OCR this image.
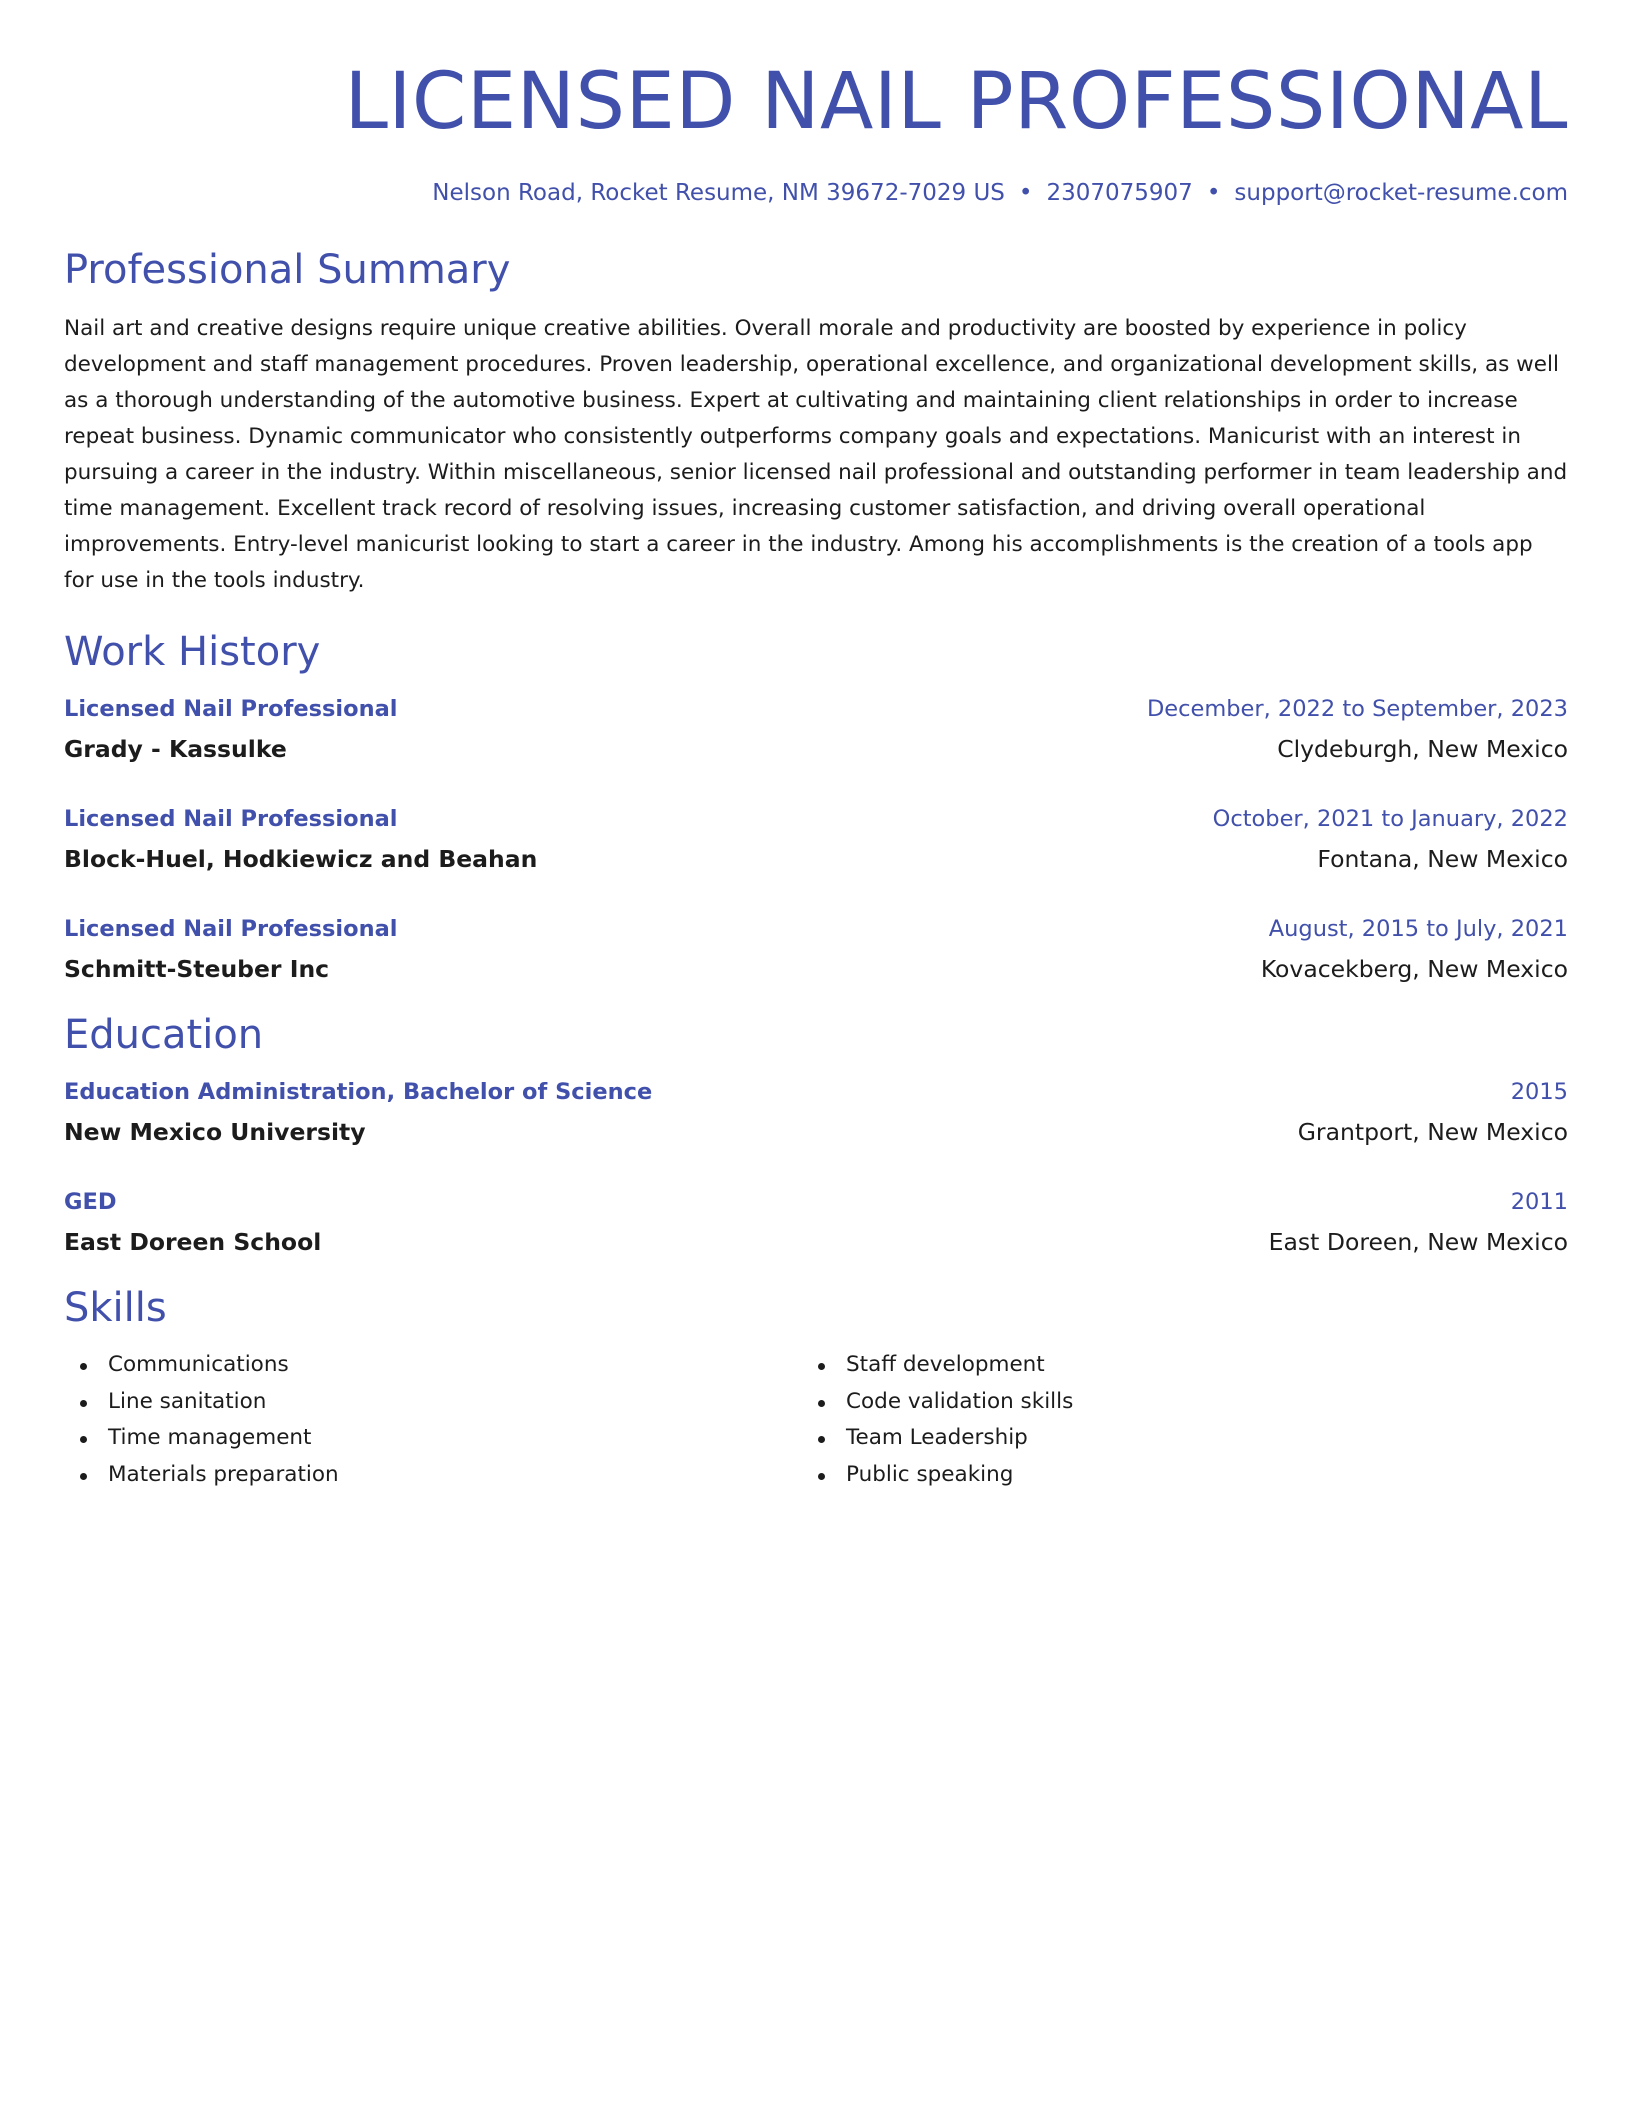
LICENSED NAIL PROFESSIONAL
Nelson Road, Rocket Resume, NM 39672-7029 US • 2307075907 • support@rocket-resume.com
Professional Summary

Nail art and creative designs require unique creative abilities. Overall morale and productivity are boosted by experience in policy development and staff management procedures. Proven leadership, operational excellence, and organizational development skills, as well as a thorough understanding of the automotive business. Expert at cultivating and maintaining client relationships in order to increase repeat business. Dynamic communicator who consistently outperforms company goals and expectations. Manicurist with an interest in pursuing a career in the industry. Within miscellaneous, senior licensed nail professional and outstanding performer in team leadership and time management. Excellent track record of resolving issues, increasing customer satisfaction, and driving overall operational improvements. Entry-level manicurist looking to start a career in the industry. Among his accomplishments is the creation of a tools app for use in the tools industry.

Work History
Licensed Nail Professional	December, 2022 to September, 2023
Grady - Kassulke	Clydeburgh, New Mexico
Licensed Nail Professional	October, 2021 to January, 2022
Block-Huel, Hodkiewicz and Beahan	Fontana, New Mexico
Licensed Nail Professional	August, 2015 to July, 2021
Schmitt-Steuber Inc	Kovacekberg, New Mexico
Education
Education Administration, Bachelor of Science	2015
New Mexico University	Grantport, New Mexico
GED	2011
East Doreen School	East Doreen, New Mexico
Skills
Communications
Line sanitation
Time management
Materials preparation
Staff development
Code validation skills
Team Leadership
Public speaking
